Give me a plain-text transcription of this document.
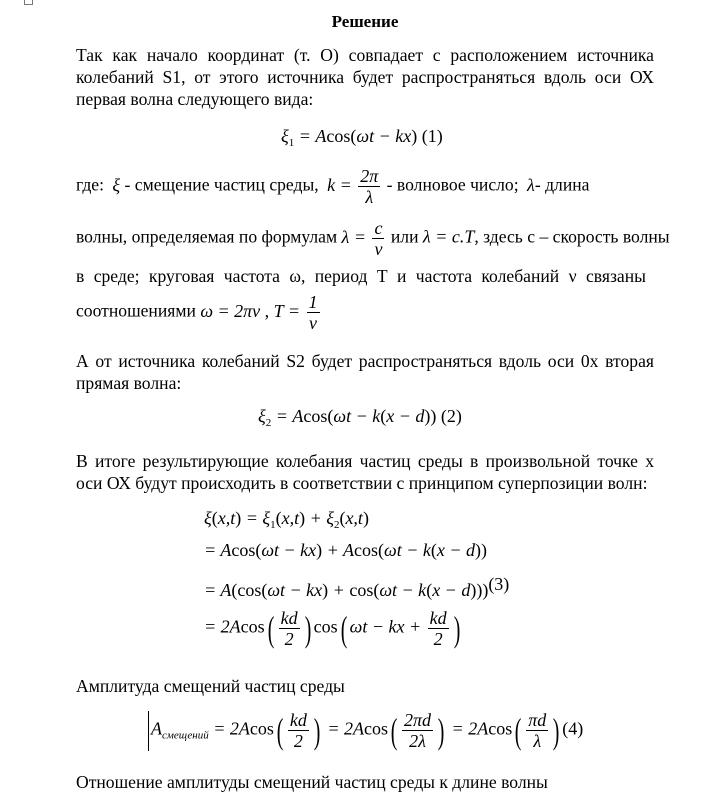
Решение

Так как начало координат (т. О) совпадает с расположением источника колебаний S1, от этого источника будет распространяться вдоль оси ОХ первая волна следующего вида:

$\xi_1 = Acos(\omega t - kx)$ (1)
где: ξ - смещение частиц среды, $k = \frac{2\pi}{\lambda}$ - волновое число; λ- длина
волны, определяемая по формулам $\lambda = \frac{c}{\nu}$ или λ = c.T, здесь с – скорость волны
в среде; круговая частота ω, период Т и частота колебаний ν связаны
соотношениями ω = 2πν , $T = \frac{1}{\nu}$

А от источника колебаний S2 будет распространяться вдоль оси 0х вторая прямая волна:

$\xi_2 = Acos(\omega t - k(x - d))$ (2)

В итоге результирующие колебания частиц среды в произвольной точке х оси ОХ будут происходить в соответствии с принципом суперпозиции волн:

$\xi(x,t) = \xi_1(x,t) + \xi_2(x,t)$
= Acos(ωt − kx) + Acos(ωt − k(x − d))
= A(cos(ωt − kx) + cos(ωt − k(x − d)))(3)
= $2Acos( \frac{kd}{2}$ ) cos( ωt − kx + $\frac{kd}{2}$ )
Амплитуда смещений частиц среды
$A_{смещений} = 2Acos( \frac{kd}{2}$ ) = $2Acos( \frac{2\pi d}{2\lambda}$ ) = $2Acos( \frac{\pi d}{\lambda}$ ) (4)
Отношение амплитуды смещений частиц среды к длине волны
